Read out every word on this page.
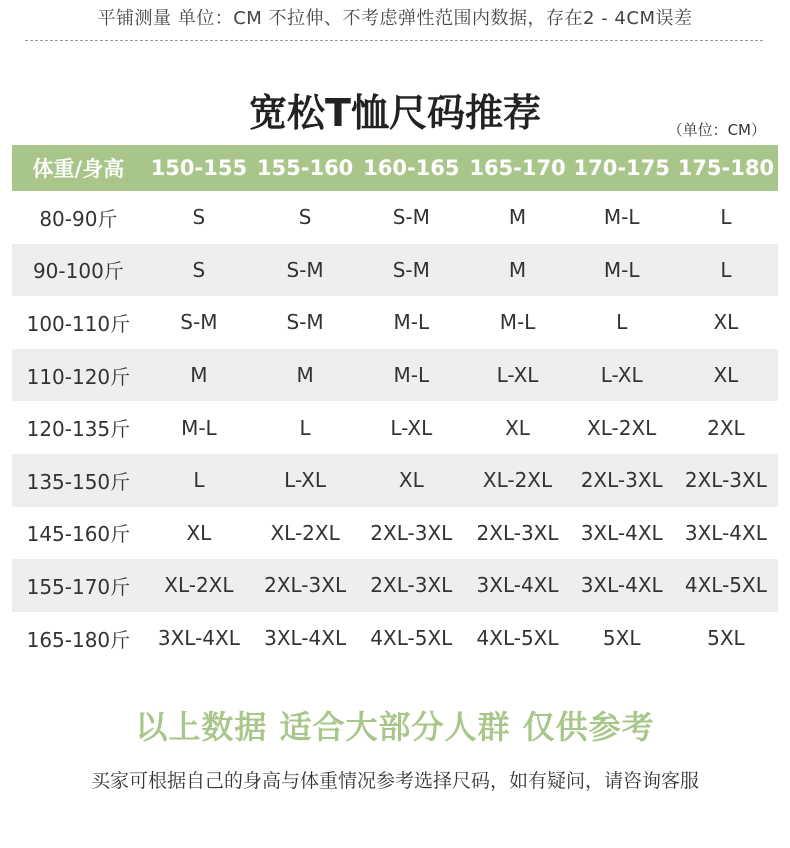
平铺测量 单位：CM 不拉伸、不考虑弹性范围内数据，存在2 - 4CM误差
宽松T恤尺码推荐	（单位：CM）
体重/身高	150-155	155-160	160-165	165-170	170-175	175-180
80-90斤	S	S	S-M	M	M-L	L
90-100斤	S	S-M	S-M	M	M-L	L
100-110斤	S-M	S-M	M-L	M-L	L	XL
110-120斤	M	M	M-L	L-XL	L-XL	XL
120-135斤	M-L	L	L-XL	XL	XL-2XL	2XL
135-150斤	L	L-XL	XL	XL-2XL	2XL-3XL	2XL-3XL
145-160斤	XL	XL-2XL	2XL-3XL	2XL-3XL	3XL-4XL	3XL-4XL
155-170斤	XL-2XL	2XL-3XL	2XL-3XL	3XL-4XL	3XL-4XL	4XL-5XL
165-180斤	3XL-4XL	3XL-4XL	4XL-5XL	4XL-5XL	5XL	5XL
以上数据 适合大部分人群 仅供参考
买家可根据自己的身高与体重情况参考选择尺码，如有疑问，请咨询客服
